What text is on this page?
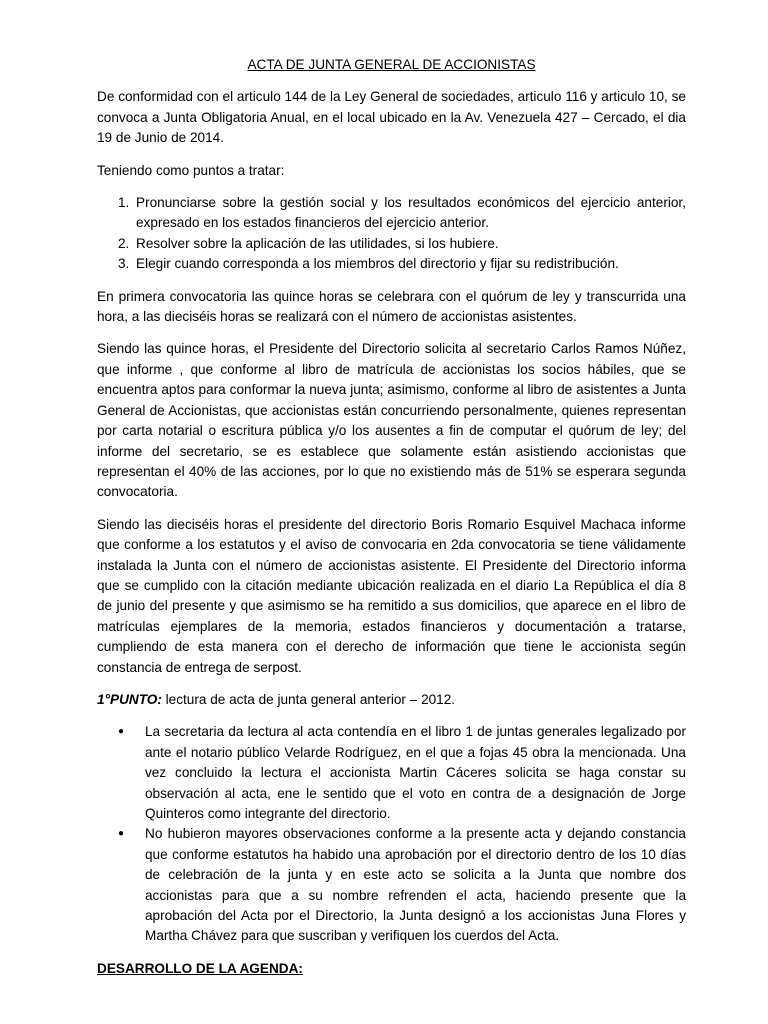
ACTA DE JUNTA GENERAL DE ACCIONISTAS

De conformidad con el articulo 144 de la Ley General de sociedades, articulo 116 y articulo 10, se convoca a Junta Obligatoria Anual, en el local ubicado en la Av. Venezuela 427 – Cercado, el dia 19 de Junio de 2014.

Teniendo como puntos a tratar:

1. Pronunciarse sobre la gestión social y los resultados económicos del ejercicio anterior, expresado en los estados financieros del ejercicio anterior.
2. Resolver sobre la aplicación de las utilidades, si los hubiere.
3. Elegir cuando corresponda a los miembros del directorio y fijar su redistribución.

En primera convocatoria las quince horas se celebrara con el quórum de ley y transcurrida una hora, a las dieciséis horas se realizará con el número de accionistas asistentes.

Siendo las quince horas, el Presidente del Directorio solicita al secretario Carlos Ramos Núñez, que informe , que conforme al libro de matrícula de accionistas los socios hábiles, que se encuentra aptos para conformar la nueva junta; asimismo, conforme al libro de asistentes a Junta General de Accionistas, que accionistas están concurriendo personalmente, quienes representan por carta notarial o escritura pública y/o los ausentes a fin de computar el quórum de ley; del informe del secretario, se es establece que solamente están asistiendo accionistas que representan el 40% de las acciones, por lo que no existiendo más de 51% se esperara segunda convocatoria.

Siendo las dieciséis horas el presidente del directorio Boris Romario Esquivel Machaca informe que conforme a los estatutos y el aviso de convocaria en 2da convocatoria se tiene válidamente instalada la Junta con el número de accionistas asistente. El Presidente del Directorio informa que se cumplido con la citación mediante ubicación realizada en el diario La República el día 8 de junio del presente y que asimismo se ha remitido a sus domicilios, que aparece en el libro de matrículas ejemplares de la memoria, estados financieros y documentación a tratarse, cumpliendo de esta manera con el derecho de información que tiene le accionista según constancia de entrega de serpost.

1°PUNTO: lectura de acta de junta general anterior – 2012.
● La secretaria da lectura al acta contendía en el libro 1 de juntas generales legalizado por ante el notario público Velarde Rodríguez, en el que a fojas 45 obra la mencionada. Una vez concluido la lectura el accionista Martin Cáceres solicita se haga constar su observación al acta, ene le sentido que el voto en contra de a designación de Jorge Quinteros como integrante del directorio.
● No hubieron mayores observaciones conforme a la presente acta y dejando constancia que conforme estatutos ha habido una aprobación por el directorio dentro de los 10 días de celebración de la junta y en este acto se solicita a la Junta que nombre dos accionistas para que a su nombre refrenden el acta, haciendo presente que la aprobación del Acta por el Directorio, la Junta designó a los accionistas Juna Flores y Martha Chávez para que suscriban y verifiquen los cuerdos del Acta.
DESARROLLO DE LA AGENDA:
